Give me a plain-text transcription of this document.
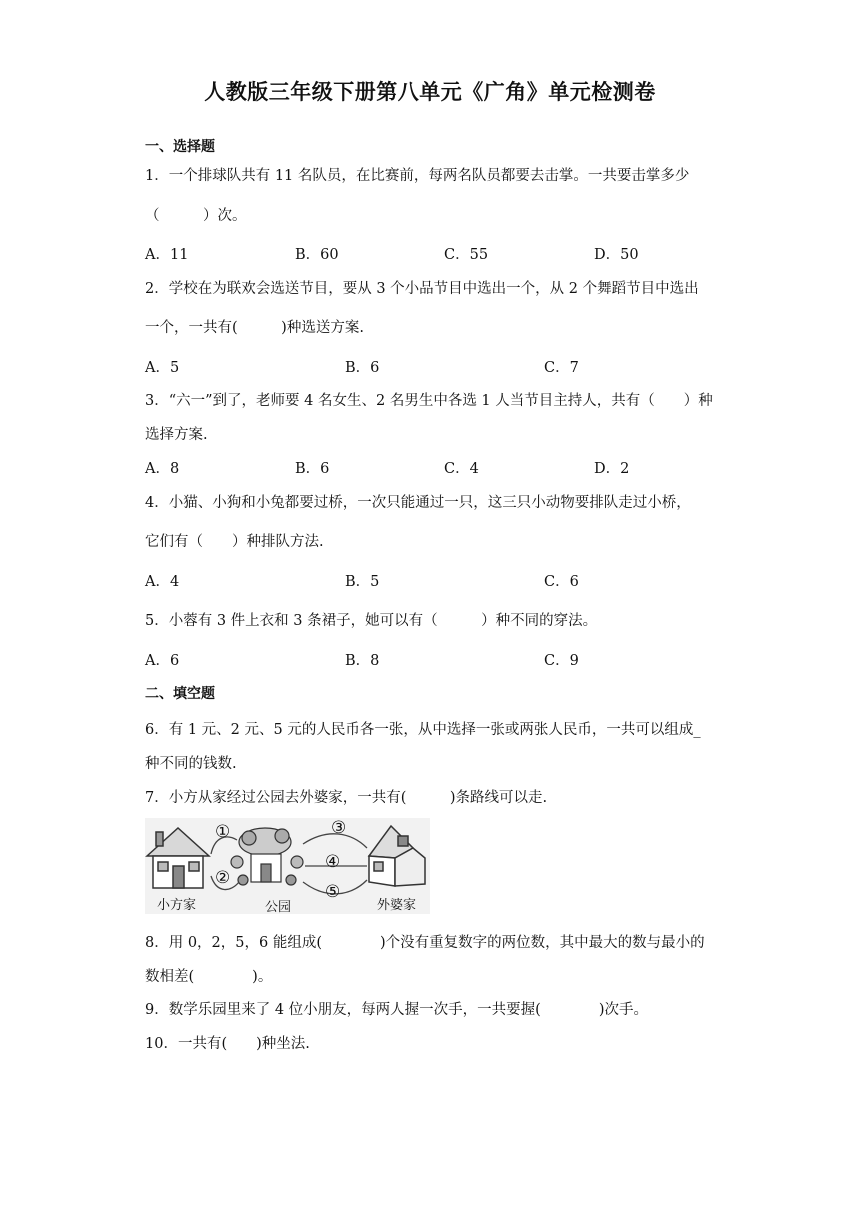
人教版三年级下册第八单元《广角》单元检测卷
一、选择题
1．一个排球队共有 11 名队员，在比赛前，每两名队员都要去击掌。一共要击掌多少
（　　　）次。
A．11	B．60	C．55	D．50
2．学校在为联欢会选送节目，要从 3 个小品节目中选出一个，从 2 个舞蹈节目中选出
一个，一共有(　　　)种选送方案.
A．5	B．6	C．7
3．“六一”到了，老师要 4 名女生、2 名男生中各选 1 人当节目主持人，共有（　　）种
选择方案.
A．8	B．6	C．4	D．2
4．小猫、小狗和小兔都要过桥，一次只能通过一只，这三只小动物要排队走过小桥，
它们有（　　）种排队方法.
A．4	B．5	C．6
5．小蓉有 3 件上衣和 3 条裙子，她可以有（　　　）种不同的穿法。
A．6	B．8	C．9
二、填空题
6．有 1 元、2 元、5 元的人民币各一张，从中选择一张或两张人民币，一共可以组成_
种不同的钱数.
7．小方从家经过公园去外婆家，一共有(　　　)条路线可以走.
①
②
③
④
⑤
小方家	公园	外婆家
8．用 0，2，5，6 能组成(　　　　)个没有重复数字的两位数，其中最大的数与最小的
数相差(　　　　)。
9．数学乐园里来了 4 位小朋友，每两人握一次手，一共要握(　　　　)次手。
10．一共有(　　)种坐法.
